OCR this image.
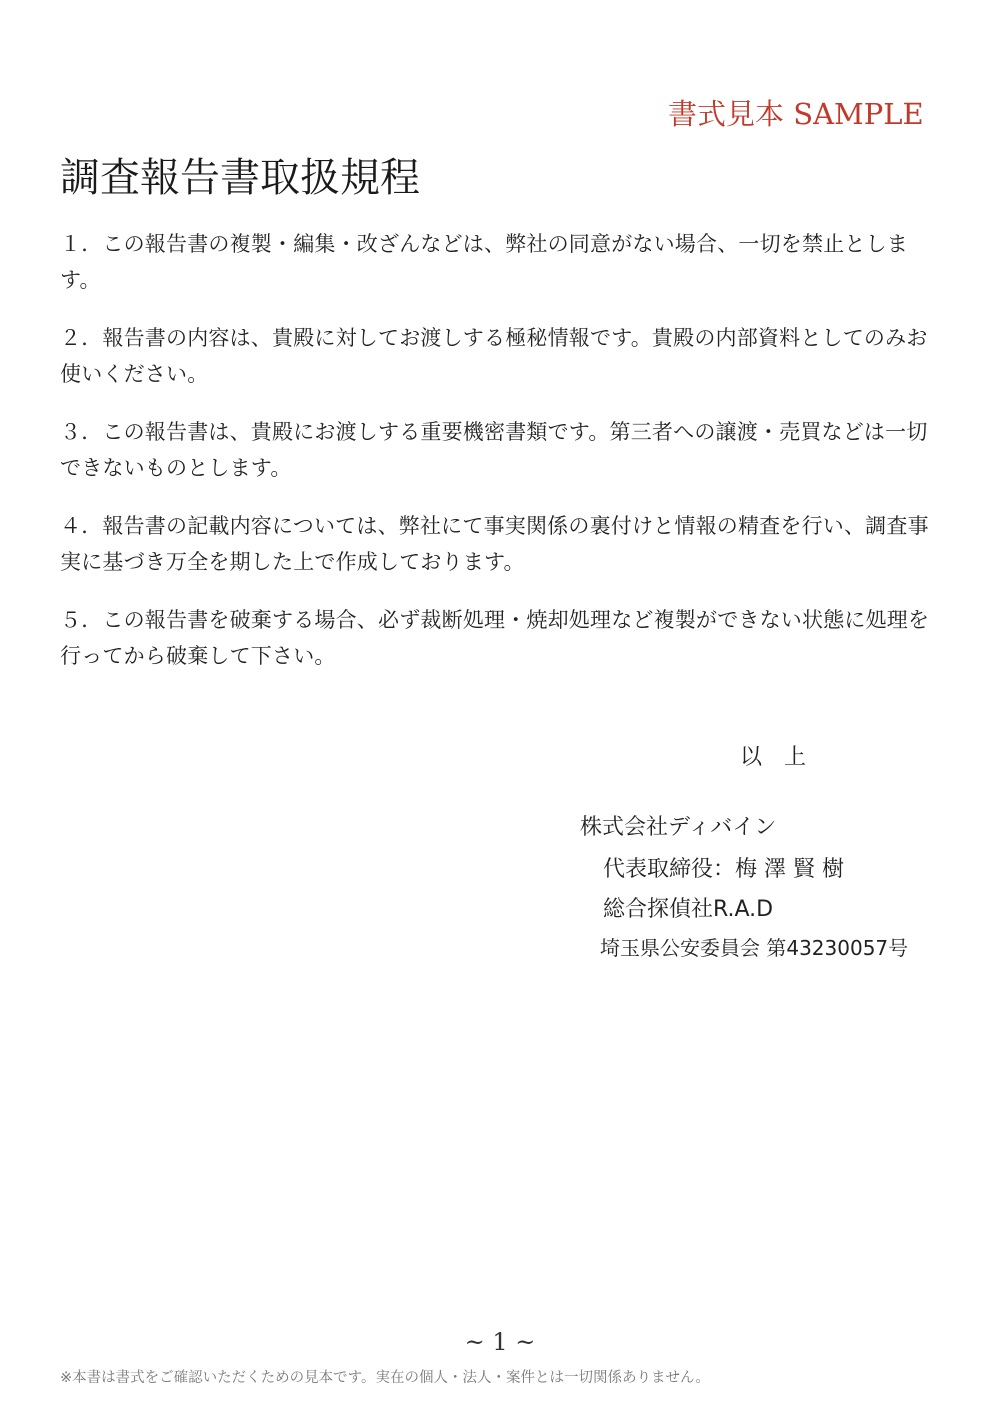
書式見本 SAMPLE
調査報告書取扱規程

１．この報告書の複製・編集・改ざんなどは、弊社の同意がない場合、一切を禁止とします。

２．報告書の内容は、貴殿に対してお渡しする極秘情報です。貴殿の内部資料としてのみお使いください。

３．この報告書は、貴殿にお渡しする重要機密書類です。第三者への譲渡・売買などは一切できないものとします。

４．報告書の記載内容については、弊社にて事実関係の裏付けと情報の精査を行い、調査事実に基づき万全を期した上で作成しております。

５．この報告書を破棄する場合、必ず裁断処理・焼却処理など複製ができない状態に処理を行ってから破棄して下さい。

以　上
株式会社ディバイン
代表取締役：梅 澤 賢 樹
総合探偵社R.A.D
埼玉県公安委員会 第43230057号
~ 1 ~
※本書は書式をご確認いただくための見本です。実在の個人・法人・案件とは一切関係ありません。
